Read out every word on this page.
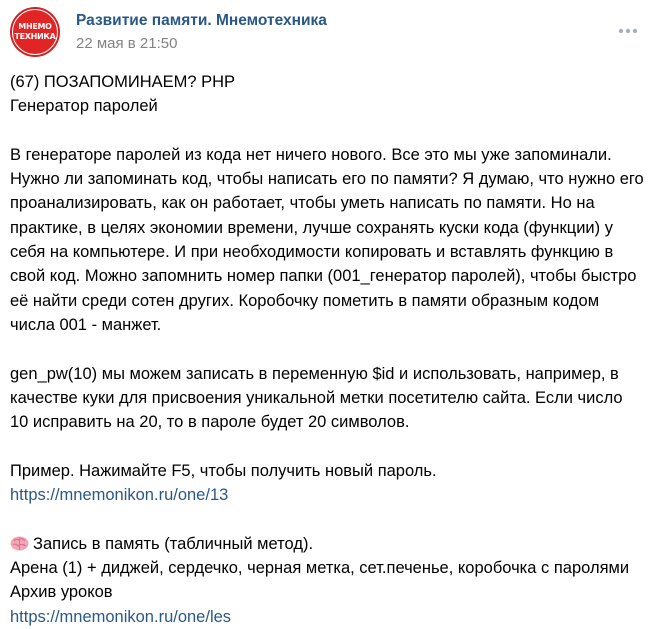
МНЕМО
ТЕХНИКА
Развитие памяти. Мнемотехника
22 мая в 21:50

(67) ПОЗАПОМИНАЕМ? PHP

Генератор паролей

В генераторе паролей из кода нет ничего нового. Все это мы уже запоминали.

Нужно ли запоминать код, чтобы написать его по памяти? Я думаю, что нужно его

проанализировать, как он работает, чтобы уметь написать по памяти. Но на

практике, в целях экономии времени, лучше сохранять куски кода (функции) у

себя на компьютере. И при необходимости копировать и вставлять функцию в

свой код. Можно запомнить номер папки (001_генератор паролей), чтобы быстро

её найти среди сотен других. Коробочку пометить в памяти образным кодом

числа 001 - манжет.

gen_pw(10) мы можем записать в переменную $id и использовать, например, в

качестве куки для присвоения уникальной метки посетителю сайта. Если число

10 исправить на 20, то в пароле будет 20 символов.

Пример. Нажимайте F5, чтобы получить новый пароль.

https://mnemonikon.ru/one/13

Запись в память (табличный метод).

Арена (1) + диджей, сердечко, черная метка, сет.печенье, коробочка с паролями

Архив уроков

https://mnemonikon.ru/one/les
